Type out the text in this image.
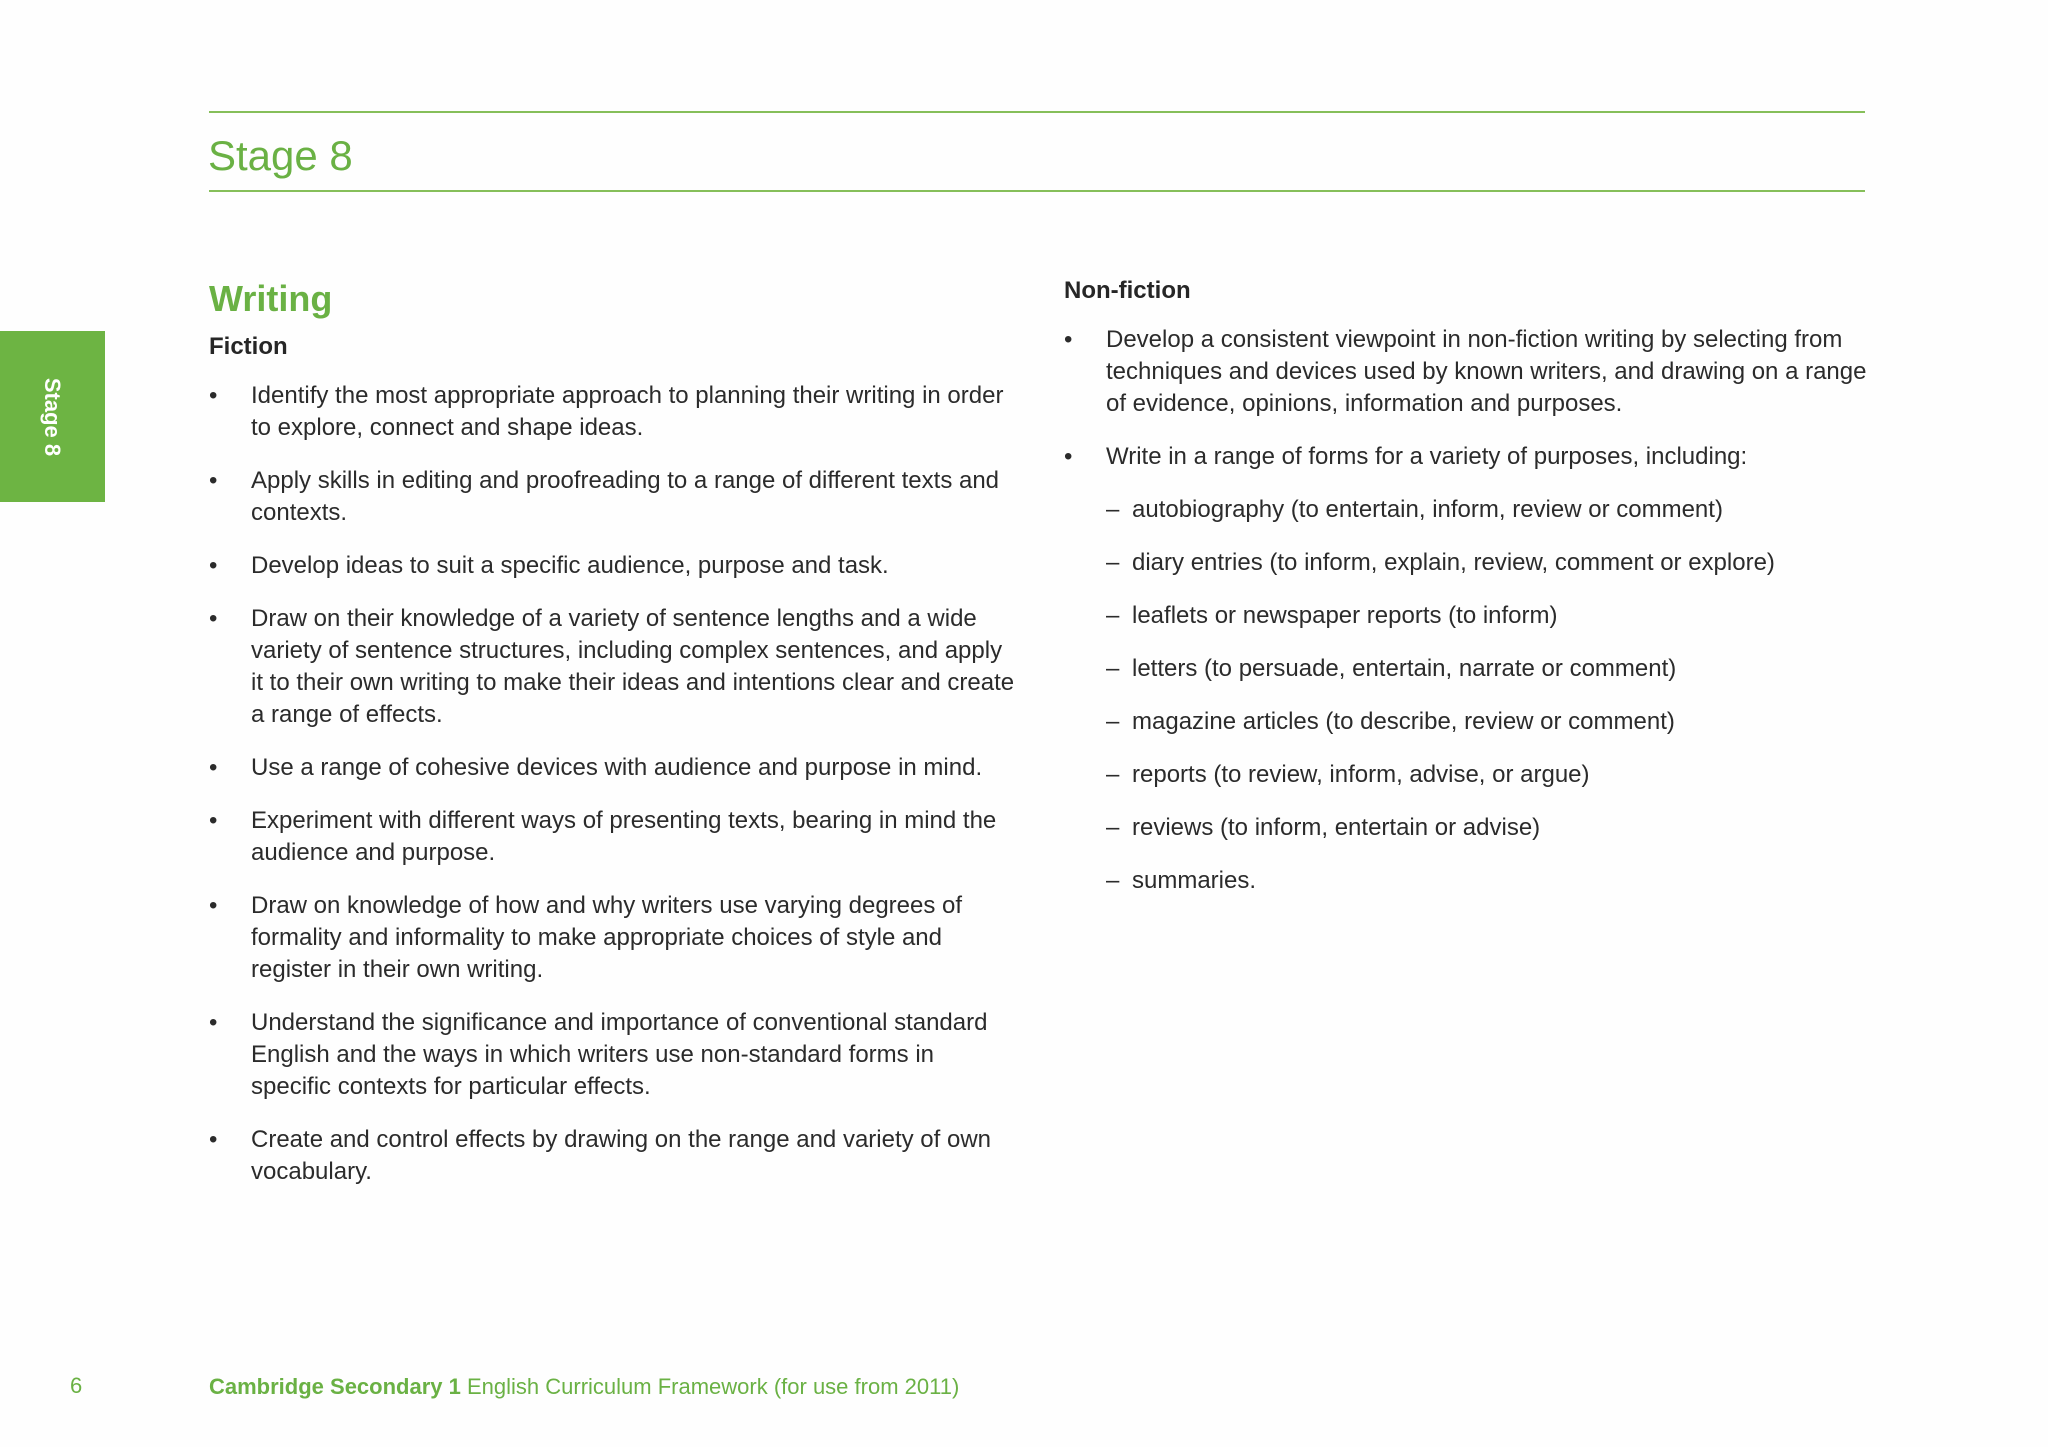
Stage 8
Stage 8
Writing
Fiction
• Identify the most appropriate approach to planning their writing in order to explore, connect and shape ideas.
• Apply skills in editing and proofreading to a range of different texts and contexts.
• Develop ideas to suit a specific audience, purpose and task.
• Draw on their knowledge of a variety of sentence lengths and a wide variety of sentence structures, including complex sentences, and apply it to their own writing to make their ideas and intentions clear and create a range of effects.
• Use a range of cohesive devices with audience and purpose in mind.
• Experiment with different ways of presenting texts, bearing in mind the audience and purpose.
• Draw on knowledge of how and why writers use varying degrees of formality and informality to make appropriate choices of style and register in their own writing.
• Understand the significance and importance of conventional standard English and the ways in which writers use non-standard forms in specific contexts for particular effects.
• Create and control effects by drawing on the range and variety of own vocabulary.
Non-fiction
• Develop a consistent viewpoint in non-fiction writing by selecting from techniques and devices used by known writers, and drawing on a range of evidence, opinions, information and purposes.
• Write in a range of forms for a variety of purposes, including:
– autobiography (to entertain, inform, review or comment)
– diary entries (to inform, explain, review, comment or explore)
– leaflets or newspaper reports (to inform)
– letters (to persuade, entertain, narrate or comment)
– magazine articles (to describe, review or comment)
– reports (to review, inform, advise, or argue)
– reviews (to inform, entertain or advise)
– summaries.
6	Cambridge Secondary 1 English Curriculum Framework (for use from 2011)
